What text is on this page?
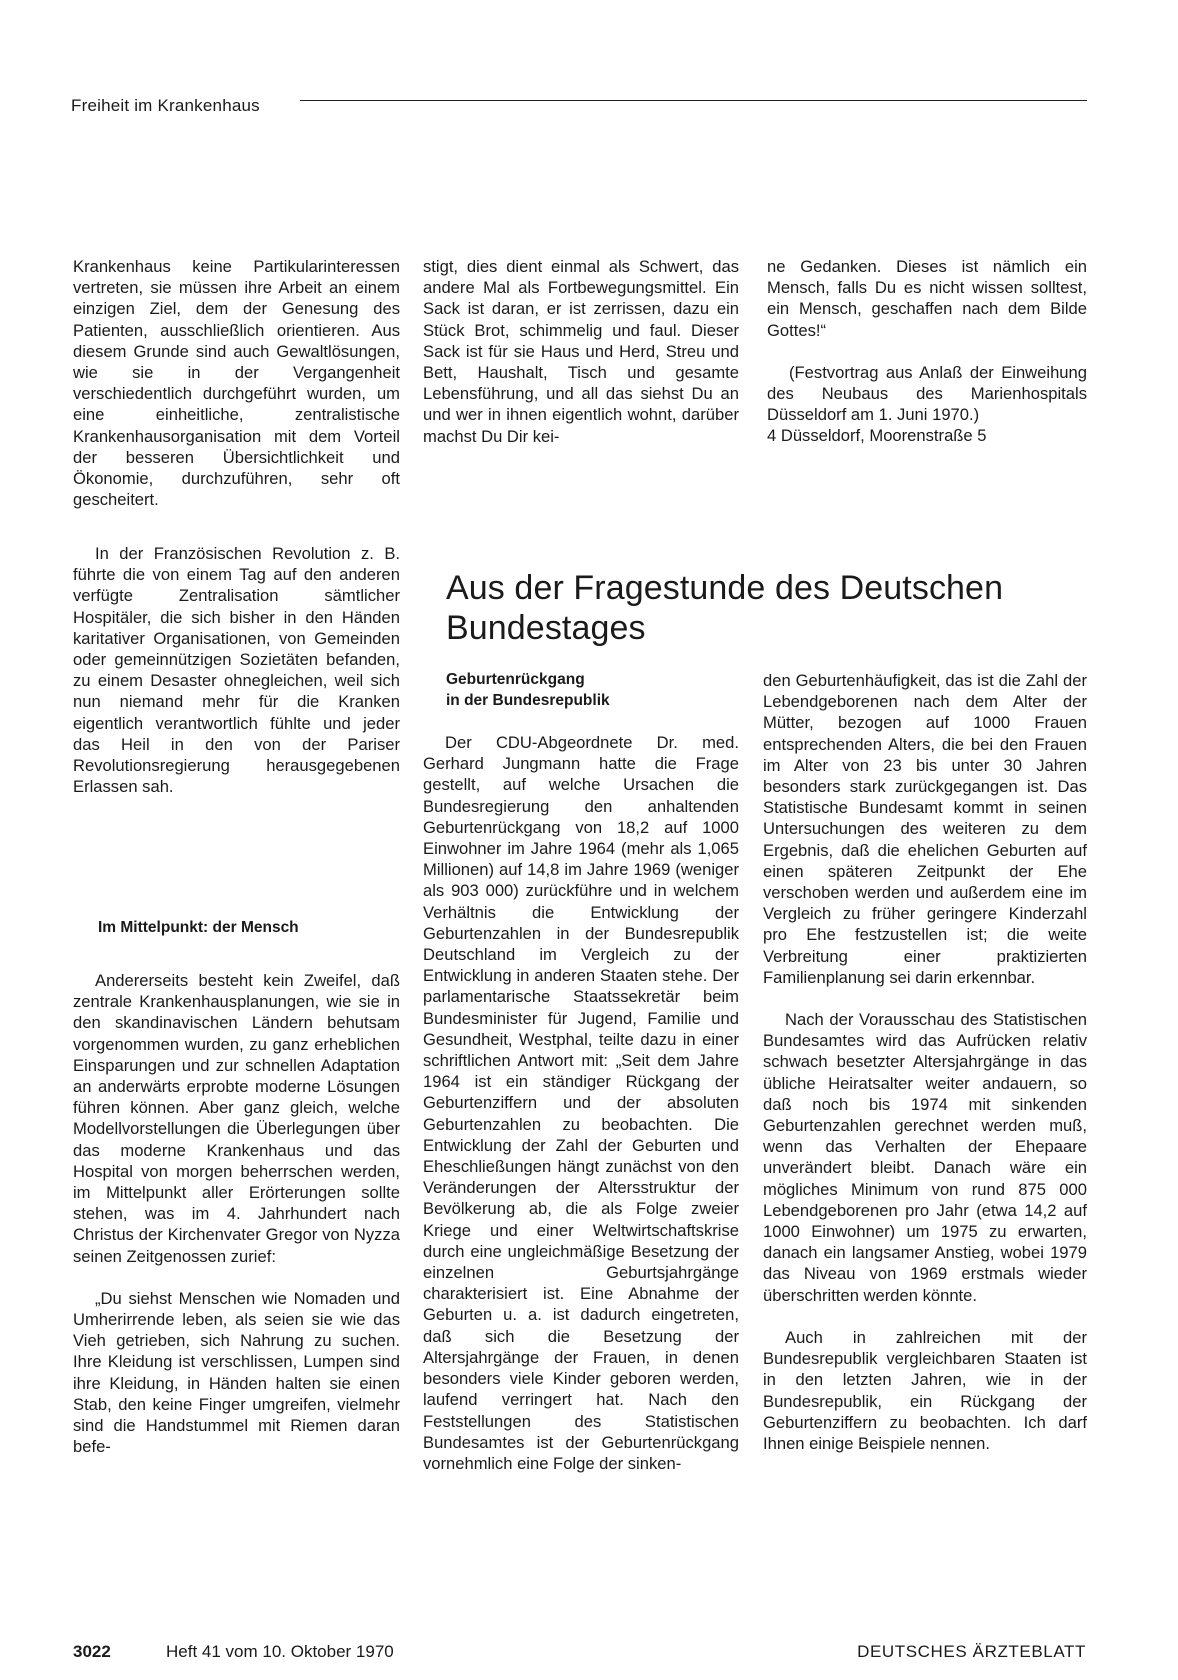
Freiheit im Krankenhaus

Krankenhaus keine Partikularinteressen vertreten, sie müssen ihre Arbeit an einem einzigen Ziel, dem der Genesung des Patienten, ausschließlich orientieren. Aus diesem Grunde sind auch Gewaltlösungen, wie sie in der Vergangenheit verschiedentlich durchgeführt wurden, um eine einheitliche, zentralistische Krankenhausorganisation mit dem Vorteil der besseren Übersichtlichkeit und Ökonomie, durchzuführen, sehr oft gescheitert.

In der Französischen Revolution z. B. führte die von einem Tag auf den anderen verfügte Zentralisation sämtlicher Hospitäler, die sich bisher in den Händen karitativer Organisationen, von Gemeinden oder gemeinnützigen Sozietäten befanden, zu einem Desaster ohnegleichen, weil sich nun niemand mehr für die Kranken eigentlich verantwortlich fühlte und jeder das Heil in den von der Pariser Revolutionsregierung herausgegebenen Erlassen sah.

Im Mittelpunkt: der Mensch

Andererseits besteht kein Zweifel, daß zentrale Krankenhausplanungen, wie sie in den skandinavischen Ländern behutsam vorgenommen wurden, zu ganz erheblichen Einsparungen und zur schnellen Adaptation an anderwärts erprobte moderne Lösungen führen können. Aber ganz gleich, welche Modellvorstellungen die Überlegungen über das moderne Krankenhaus und das Hospital von morgen beherrschen werden, im Mittelpunkt aller Erörterungen sollte stehen, was im 4. Jahrhundert nach Christus der Kirchenvater Gregor von Nyzza seinen Zeitgenossen zurief:

„Du siehst Menschen wie Nomaden und Umherirrende leben, als seien sie wie das Vieh getrieben, sich Nahrung zu suchen. Ihre Kleidung ist verschlissen, Lumpen sind ihre Kleidung, in Händen halten sie einen Stab, den keine Finger umgreifen, vielmehr sind die Handstummel mit Riemen daran befe-

stigt, dies dient einmal als Schwert, das andere Mal als Fortbewegungsmittel. Ein Sack ist daran, er ist zerrissen, dazu ein Stück Brot, schimmelig und faul. Dieser Sack ist für sie Haus und Herd, Streu und Bett, Haushalt, Tisch und gesamte Lebensführung, und all das siehst Du an und wer in ihnen eigentlich wohnt, darüber machst Du Dir kei-

ne Gedanken. Dieses ist nämlich ein Mensch, falls Du es nicht wissen solltest, ein Mensch, geschaffen nach dem Bilde Gottes!“

(Festvortrag aus Anlaß der Einweihung des Neubaus des Marienhospitals Düsseldorf am 1. Juni 1970.)

4 Düsseldorf, Moorenstraße 5

Aus der Fragestunde des Deutschen Bundestages
Geburtenrückgang
in der Bundesrepublik

Der CDU-Abgeordnete Dr. med. Gerhard Jungmann hatte die Frage gestellt, auf welche Ursachen die Bundesregierung den anhaltenden Geburtenrückgang von 18,2 auf 1000 Einwohner im Jahre 1964 (mehr als 1,065 Millionen) auf 14,8 im Jahre 1969 (weniger als 903 000) zurückführe und in welchem Verhältnis die Entwicklung der Geburtenzahlen in der Bundesrepublik Deutschland im Vergleich zu der Entwicklung in anderen Staaten stehe. Der parlamentarische Staatssekretär beim Bundesminister für Jugend, Familie und Gesundheit, Westphal, teilte dazu in einer schriftlichen Antwort mit: „Seit dem Jahre 1964 ist ein ständiger Rückgang der Geburtenziffern und der absoluten Geburtenzahlen zu beobachten. Die Entwicklung der Zahl der Geburten und Eheschließungen hängt zunächst von den Veränderungen der Altersstruktur der Bevölkerung ab, die als Folge zweier Kriege und einer Weltwirtschaftskrise durch eine ungleichmäßige Besetzung der einzelnen Geburtsjahrgänge charakterisiert ist. Eine Abnahme der Geburten u. a. ist dadurch eingetreten, daß sich die Besetzung der Altersjahrgänge der Frauen, in denen besonders viele Kinder geboren werden, laufend verringert hat. Nach den Feststellungen des Statistischen Bundesamtes ist der Geburtenrückgang vornehmlich eine Folge der sinken-

den Geburtenhäufigkeit, das ist die Zahl der Lebendgeborenen nach dem Alter der Mütter, bezogen auf 1000 Frauen entsprechenden Alters, die bei den Frauen im Alter von 23 bis unter 30 Jahren besonders stark zurückgegangen ist. Das Statistische Bundesamt kommt in seinen Untersuchungen des weiteren zu dem Ergebnis, daß die ehelichen Geburten auf einen späteren Zeitpunkt der Ehe verschoben werden und außerdem eine im Vergleich zu früher geringere Kinderzahl pro Ehe festzustellen ist; die weite Verbreitung einer praktizierten Familienplanung sei darin erkennbar.

Nach der Vorausschau des Statistischen Bundesamtes wird das Aufrücken relativ schwach besetzter Altersjahrgänge in das übliche Heiratsalter weiter andauern, so daß noch bis 1974 mit sinkenden Geburtenzahlen gerechnet werden muß, wenn das Verhalten der Ehepaare unverändert bleibt. Danach wäre ein mögliches Minimum von rund 875 000 Lebendgeborenen pro Jahr (etwa 14,2 auf 1000 Einwohner) um 1975 zu erwarten, danach ein langsamer Anstieg, wobei 1979 das Niveau von 1969 erstmals wieder überschritten werden könnte.

Auch in zahlreichen mit der Bundesrepublik vergleichbaren Staaten ist in den letzten Jahren, wie in der Bundesrepublik, ein Rückgang der Geburtenziffern zu beobachten. Ich darf Ihnen einige Beispiele nennen.

3022	Heft 41 vom 10. Oktober 1970	DEUTSCHES ÄRZTEBLATT
